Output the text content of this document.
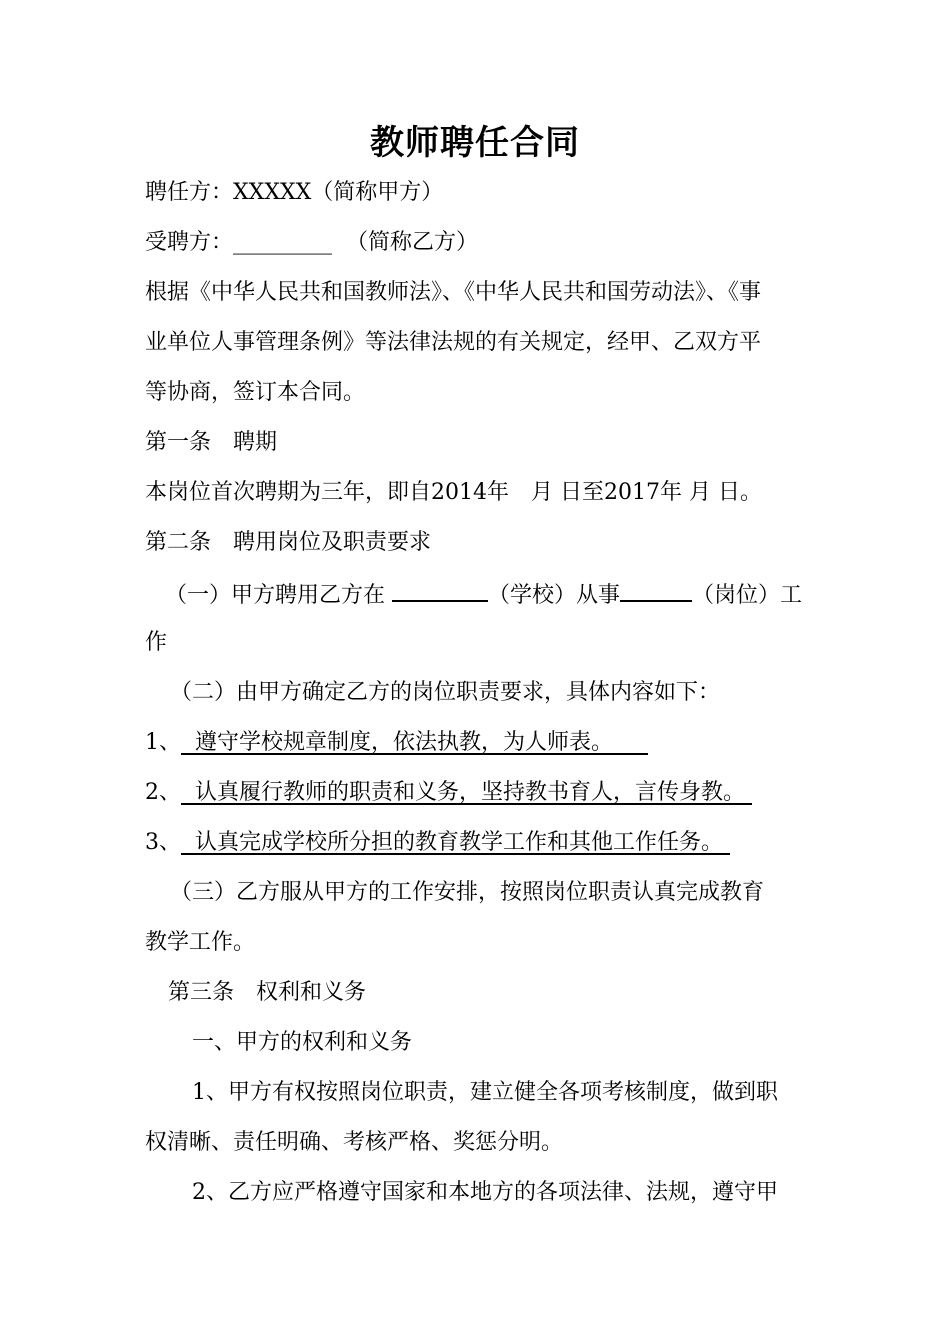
教师聘任合同
聘任方：XXXXX（简称甲方）
受聘方：_________ （简称乙方）
根据《中华人民共和国教师法》、《中华人民共和国劳动法》、《事
业单位人事管理条例》等法律法规的有关规定，经甲、乙双方平
等协商，签订本合同。
第一条　聘期
本岗位首次聘期为三年，即自2014年　月 日至2017年 月 日。
第二条　聘用岗位及职责要求
（一）甲方聘用乙方在	（学校）从事	（岗位）工
作
（二）由甲方确定乙方的岗位职责要求，具体内容如下：
1、 遵守学校规章制度，依法执教，为人师表。
2、 认真履行教师的职责和义务，坚持教书育人，言传身教。
3、 认真完成学校所分担的教育教学工作和其他工作任务。
（三）乙方服从甲方的工作安排，按照岗位职责认真完成教育
教学工作。
第三条　权利和义务
一、甲方的权利和义务
1、甲方有权按照岗位职责，建立健全各项考核制度，做到职
权清晰、责任明确、考核严格、奖惩分明。
2、乙方应严格遵守国家和本地方的各项法律、法规，遵守甲
